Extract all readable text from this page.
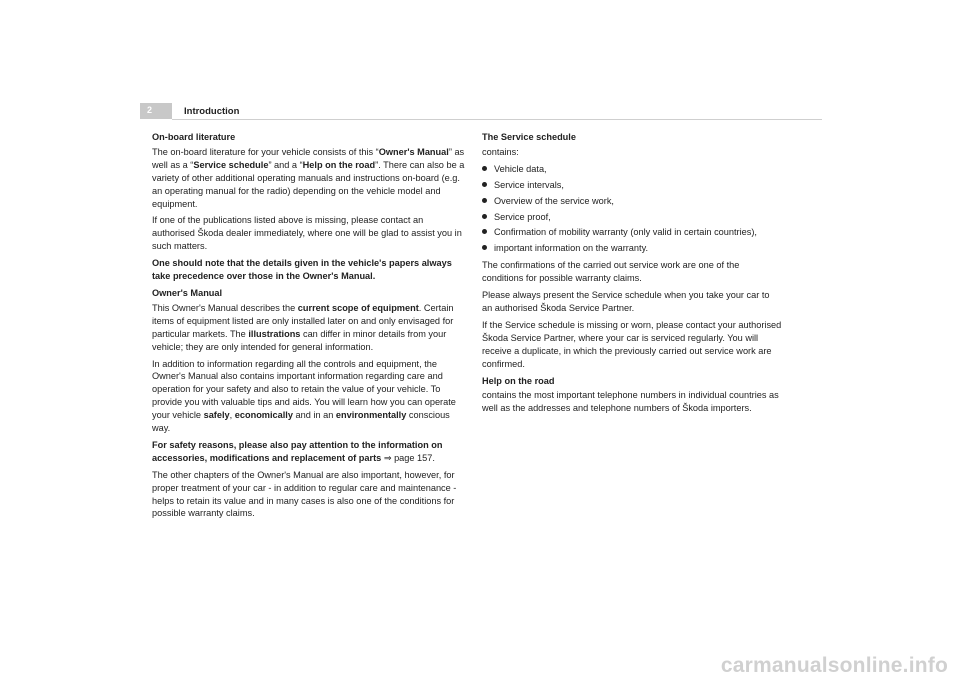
2	Introduction

On-board literature

The on-board literature for your vehicle consists of this “Owner's Manual” as well as a “Service schedule” and a “Help on the road”. There can also be a variety of other additional operating manuals and instructions on-board (e.g. an operating manual for the radio) depending on the vehicle model and equipment.

If one of the publications listed above is missing, please contact an authorised Škoda dealer immediately, where one will be glad to assist you in such matters.

One should note that the details given in the vehicle's papers always take precedence over those in the Owner's Manual.

Owner's Manual

This Owner's Manual describes the current scope of equipment. Certain items of equipment listed are only installed later on and only envisaged for particular markets. The illustrations can differ in minor details from your vehicle; they are only intended for general information.

In addition to information regarding all the controls and equipment, the Owner's Manual also contains important information regarding care and operation for your safety and also to retain the value of your vehicle. To provide you with valuable tips and aids. You will learn how you can operate your vehicle safely, economically and in an environmentally conscious way.

For safety reasons, please also pay attention to the information on accessories, modifications and replacement of parts ⇒ page 157.

The other chapters of the Owner's Manual are also important, however, for proper treatment of your car - in addition to regular care and maintenance - helps to retain its value and in many cases is also one of the conditions for possible warranty claims.

The Service schedule

contains:

Vehicle data,
Service intervals,
Overview of the service work,
Service proof,
Confirmation of mobility warranty (only valid in certain countries),
important information on the warranty.

The confirmations of the carried out service work are one of the conditions for possible warranty claims.

Please always present the Service schedule when you take your car to an authorised Škoda Service Partner.

If the Service schedule is missing or worn, please contact your authorised Škoda Service Partner, where your car is serviced regularly. You will receive a duplicate, in which the previously carried out service work are confirmed.

Help on the road

contains the most important telephone numbers in individual countries as well as the addresses and telephone numbers of Škoda importers.

carmanualsonline.info
